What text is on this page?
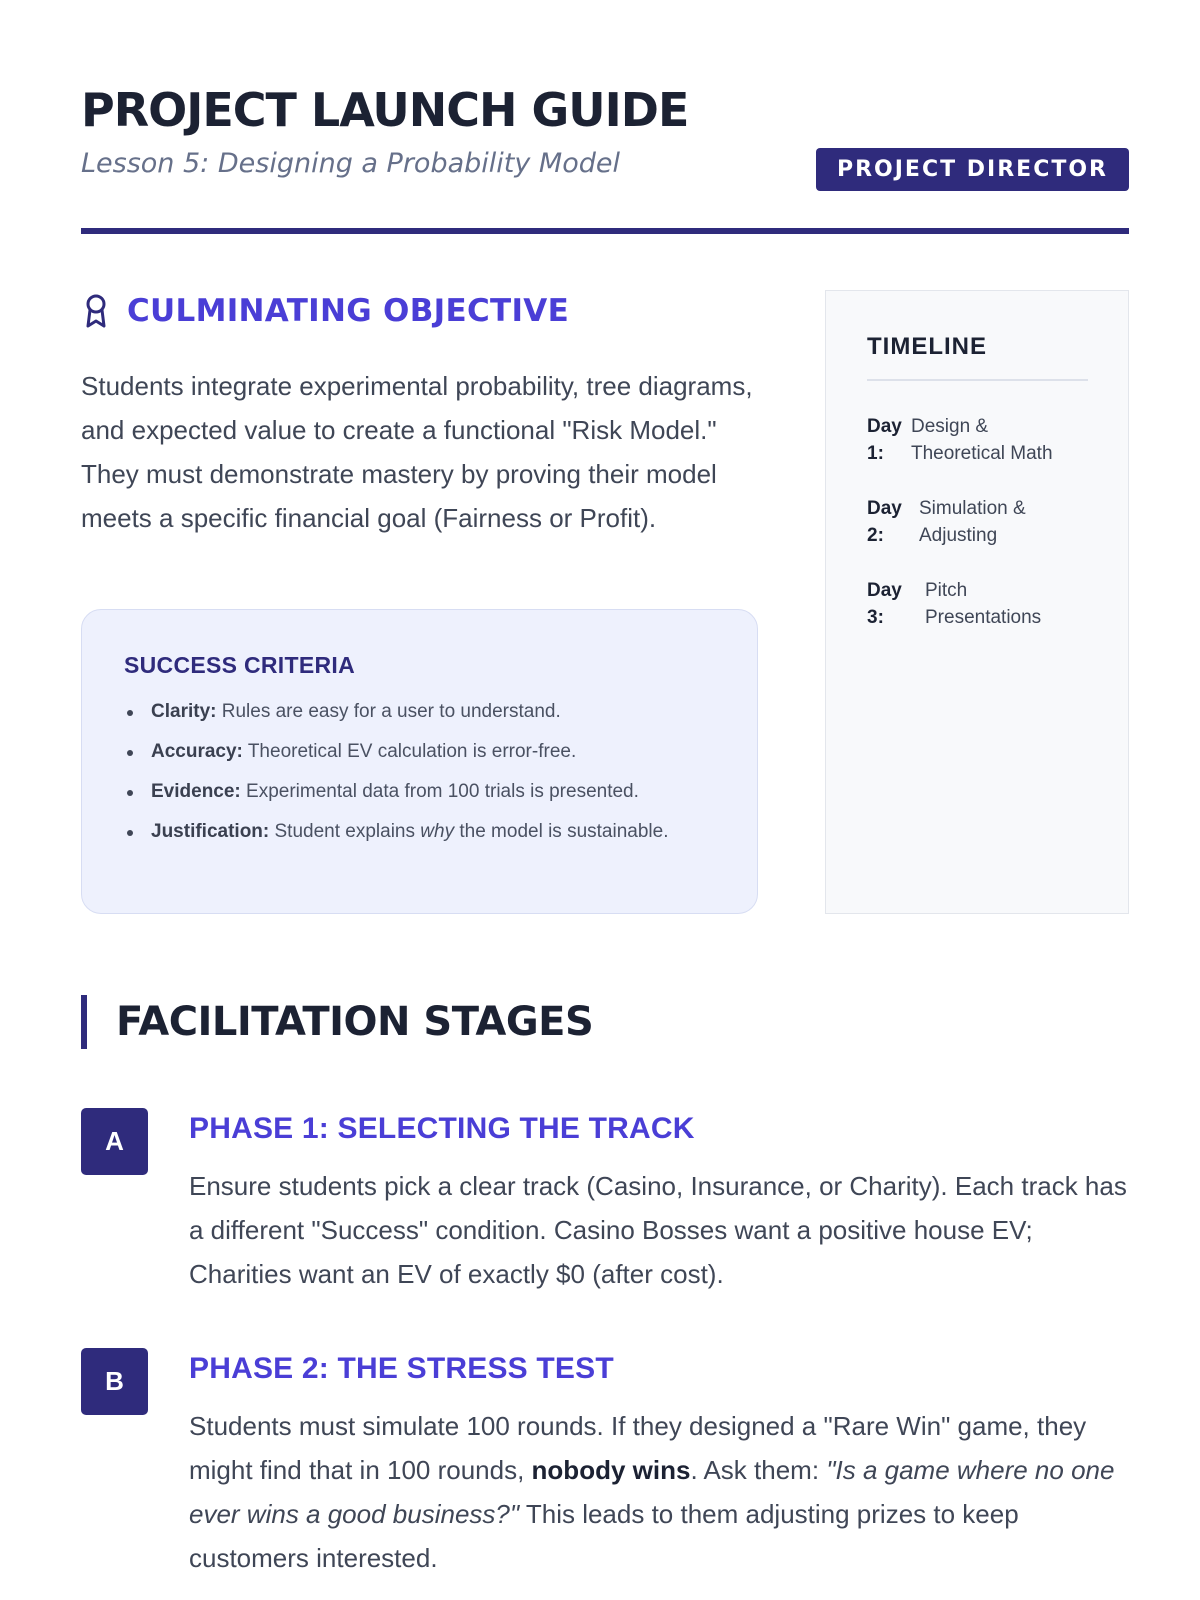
PROJECT LAUNCH GUIDE
Lesson 5: Designing a Probability Model	PROJECT DIRECTOR
CULMINATING OBJECTIVE

Students integrate experimental probability, tree diagrams, and expected value to create a functional "Risk Model." They must demonstrate mastery by proving their model meets a specific financial goal (Fairness or Profit).

SUCCESS CRITERIA
Clarity: Rules are easy for a user to understand.
Accuracy: Theoretical EV calculation is error-free.
Evidence: Experimental data from 100 trials is presented.
Justification: Student explains why the model is sustainable.
TIMELINE
Day 1:
Design & Theoretical Math
Day 2:
Simulation & Adjusting
Day 3:
Pitch Presentations
FACILITATION STAGES
A	PHASE 1: SELECTING THE TRACK

Ensure students pick a clear track (Casino, Insurance, or Charity). Each track has a different "Success" condition. Casino Bosses want a positive house EV; Charities want an EV of exactly $0 (after cost).

B	PHASE 2: THE STRESS TEST

Students must simulate 100 rounds. If they designed a "Rare Win" game, they might find that in 100 rounds, nobody wins. Ask them: "Is a game where no one ever wins a good business?" This leads to them adjusting prizes to keep customers interested.
